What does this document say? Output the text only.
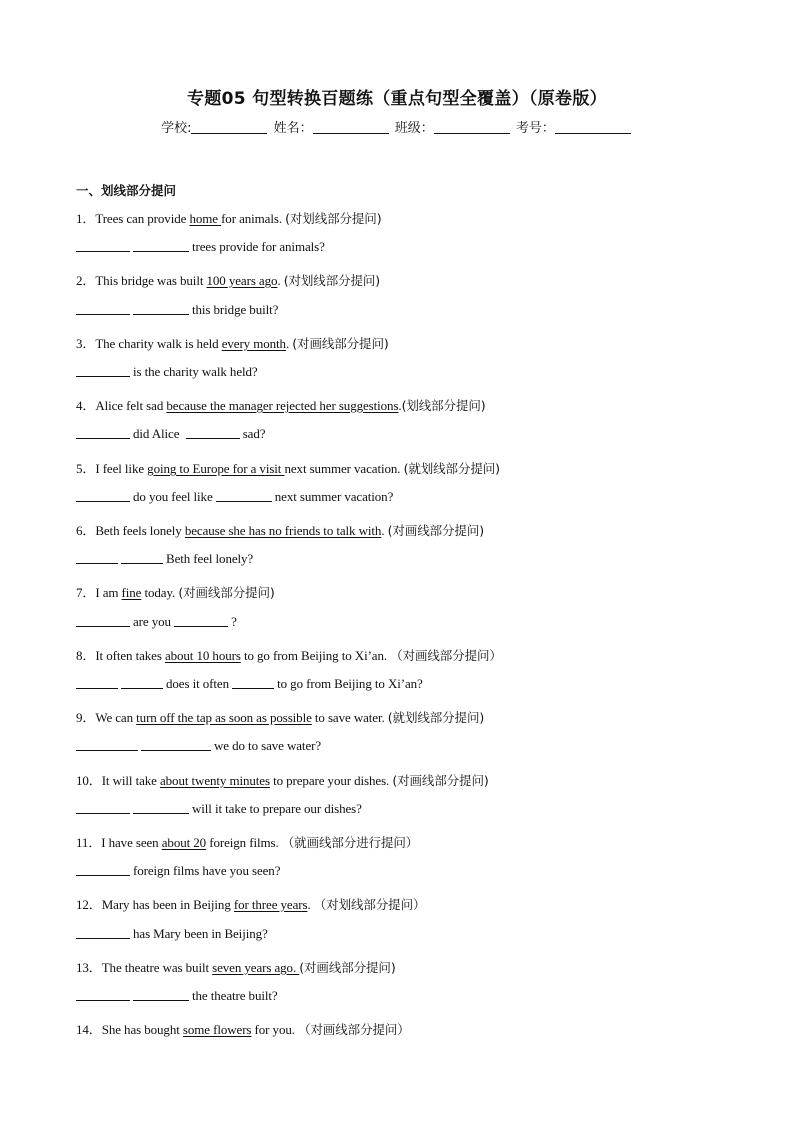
专题05 句型转换百题练（重点句型全覆盖）（原卷版）
学校:	姓名：	班级：	考号：
一、划线部分提问
1．Trees can provide home for animals. (对划线部分提问)
trees provide for animals?
2．This bridge was built 100 years ago. (对划线部分提问)
this bridge built?
3．The charity walk is held every month. (对画线部分提问)
is the charity walk held?
4．Alice felt sad because the manager rejected her suggestions.(划线部分提问)
did Alice	sad?
5．I feel like going to Europe for a visit next summer vacation. (就划线部分提问)
do you feel like	next summer vacation?
6．Beth feels lonely because she has no friends to talk with. (对画线部分提问)
Beth feel lonely?
7．I am fine today. (对画线部分提问)
are you	?
8．It often takes about 10 hours to go from Beijing to Xi’an. （对画线部分提问）
does it often	to go from Beijing to Xi’an?
9．We can turn off the tap as soon as possible to save water. (就划线部分提问)
we do to save water?
10．It will take about twenty minutes to prepare your dishes. (对画线部分提问)
will it take to prepare our dishes?
11．I have seen about 20 foreign films. （就画线部分进行提问）
foreign films have you seen?
12．Mary has been in Beijing for three years. （对划线部分提问）
has Mary been in Beijing?
13．The theatre was built seven years ago. (对画线部分提问)
the theatre built?
14．She has bought some flowers for you. （对画线部分提问）
